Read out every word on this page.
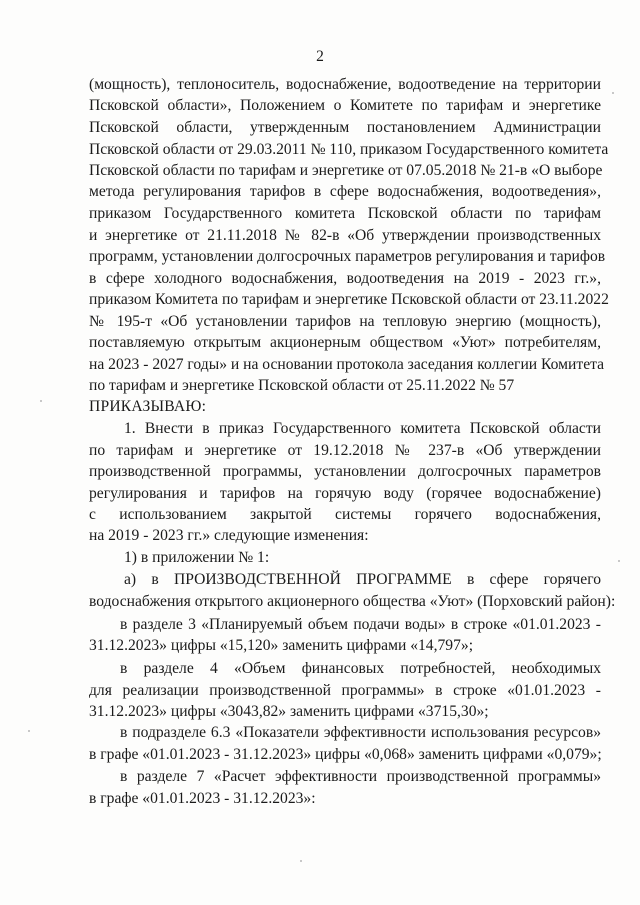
2
(мощность), теплоноситель, водоснабжение, водоотведение на территории
Псковской области», Положением о Комитете по тарифам и энергетике
Псковской области, утвержденным постановлением Администрации
Псковской области от 29.03.2011 № 110, приказом Государственного комитета
Псковской области по тарифам и энергетике от 07.05.2018 № 21-в «О выборе
метода регулирования тарифов в сфере водоснабжения, водоотведения»,
приказом Государственного комитета Псковской области по тарифам
и энергетике от 21.11.2018 № 82-в «Об утверждении производственных
программ, установлении долгосрочных параметров регулирования и тарифов
в сфере холодного водоснабжения, водоотведения на 2019 - 2023 гг.»,
приказом Комитета по тарифам и энергетике Псковской области от 23.11.2022
№ 195-т «Об установлении тарифов на тепловую энергию (мощность),
поставляемую открытым акционерным обществом «Уют» потребителям,
на 2023 - 2027 годы» и на основании протокола заседания коллегии Комитета
по тарифам и энергетике Псковской области от 25.11.2022 № 57
ПРИКАЗЫВАЮ:
1. Внести в приказ Государственного комитета Псковской области
по тарифам и энергетике от 19.12.2018 № 237-в «Об утверждении
производственной программы, установлении долгосрочных параметров
регулирования и тарифов на горячую воду (горячее водоснабжение)
с использованием закрытой системы горячего водоснабжения,
на 2019 - 2023 гг.» следующие изменения:
1) в приложении № 1:
а) в ПРОИЗВОДСТВЕННОЙ ПРОГРАММЕ в сфере горячего
водоснабжения открытого акционерного общества «Уют» (Порховский район):
в разделе 3 «Планируемый объем подачи воды» в строке «01.01.2023 -
31.12.2023» цифры «15,120» заменить цифрами «14,797»;
в разделе 4 «Объем финансовых потребностей, необходимых
для реализации производственной программы» в строке «01.01.2023 -
31.12.2023» цифры «3043,82» заменить цифрами «3715,30»;
в подразделе 6.3 «Показатели эффективности использования ресурсов»
в графе «01.01.2023 - 31.12.2023» цифры «0,068» заменить цифрами «0,079»;
в разделе 7 «Расчет эффективности производственной программы»
в графе «01.01.2023 - 31.12.2023»:
